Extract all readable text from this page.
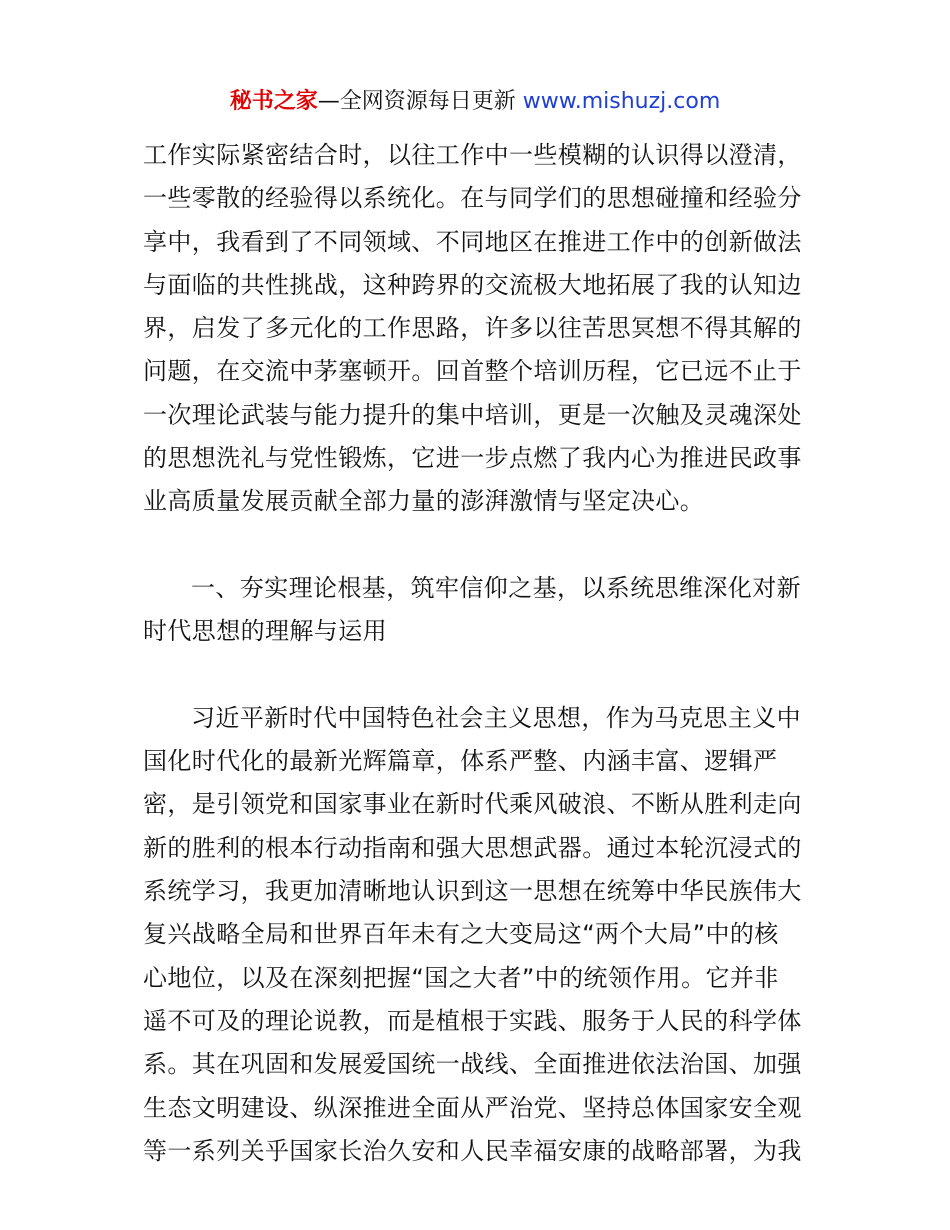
秘书之家—全网资源每日更新 www.mishuzj.com
工作实际紧密结合时，以往工作中一些模糊的认识得以澄清，
一些零散的经验得以系统化。在与同学们的思想碰撞和经验分
享中，我看到了不同领域、不同地区在推进工作中的创新做法
与面临的共性挑战，这种跨界的交流极大地拓展了我的认知边
界，启发了多元化的工作思路，许多以往苦思冥想不得其解的
问题，在交流中茅塞顿开。回首整个培训历程，它已远不止于
一次理论武装与能力提升的集中培训，更是一次触及灵魂深处
的思想洗礼与党性锻炼，它进一步点燃了我内心为推进民政事
业高质量发展贡献全部力量的澎湃激情与坚定决心。
一、夯实理论根基，筑牢信仰之基，以系统思维深化对新
时代思想的理解与运用
习近平新时代中国特色社会主义思想，作为马克思主义中
国化时代化的最新光辉篇章，体系严整、内涵丰富、逻辑严
密，是引领党和国家事业在新时代乘风破浪、不断从胜利走向
新的胜利的根本行动指南和强大思想武器。通过本轮沉浸式的
系统学习，我更加清晰地认识到这一思想在统筹中华民族伟大
复兴战略全局和世界百年未有之大变局这“两个大局”中的核
心地位，以及在深刻把握“国之大者”中的统领作用。它并非
遥不可及的理论说教，而是植根于实践、服务于人民的科学体
系。其在巩固和发展爱国统一战线、全面推进依法治国、加强
生态文明建设、纵深推进全面从严治党、坚持总体国家安全观
等一系列关乎国家长治久安和人民幸福安康的战略部署，为我
